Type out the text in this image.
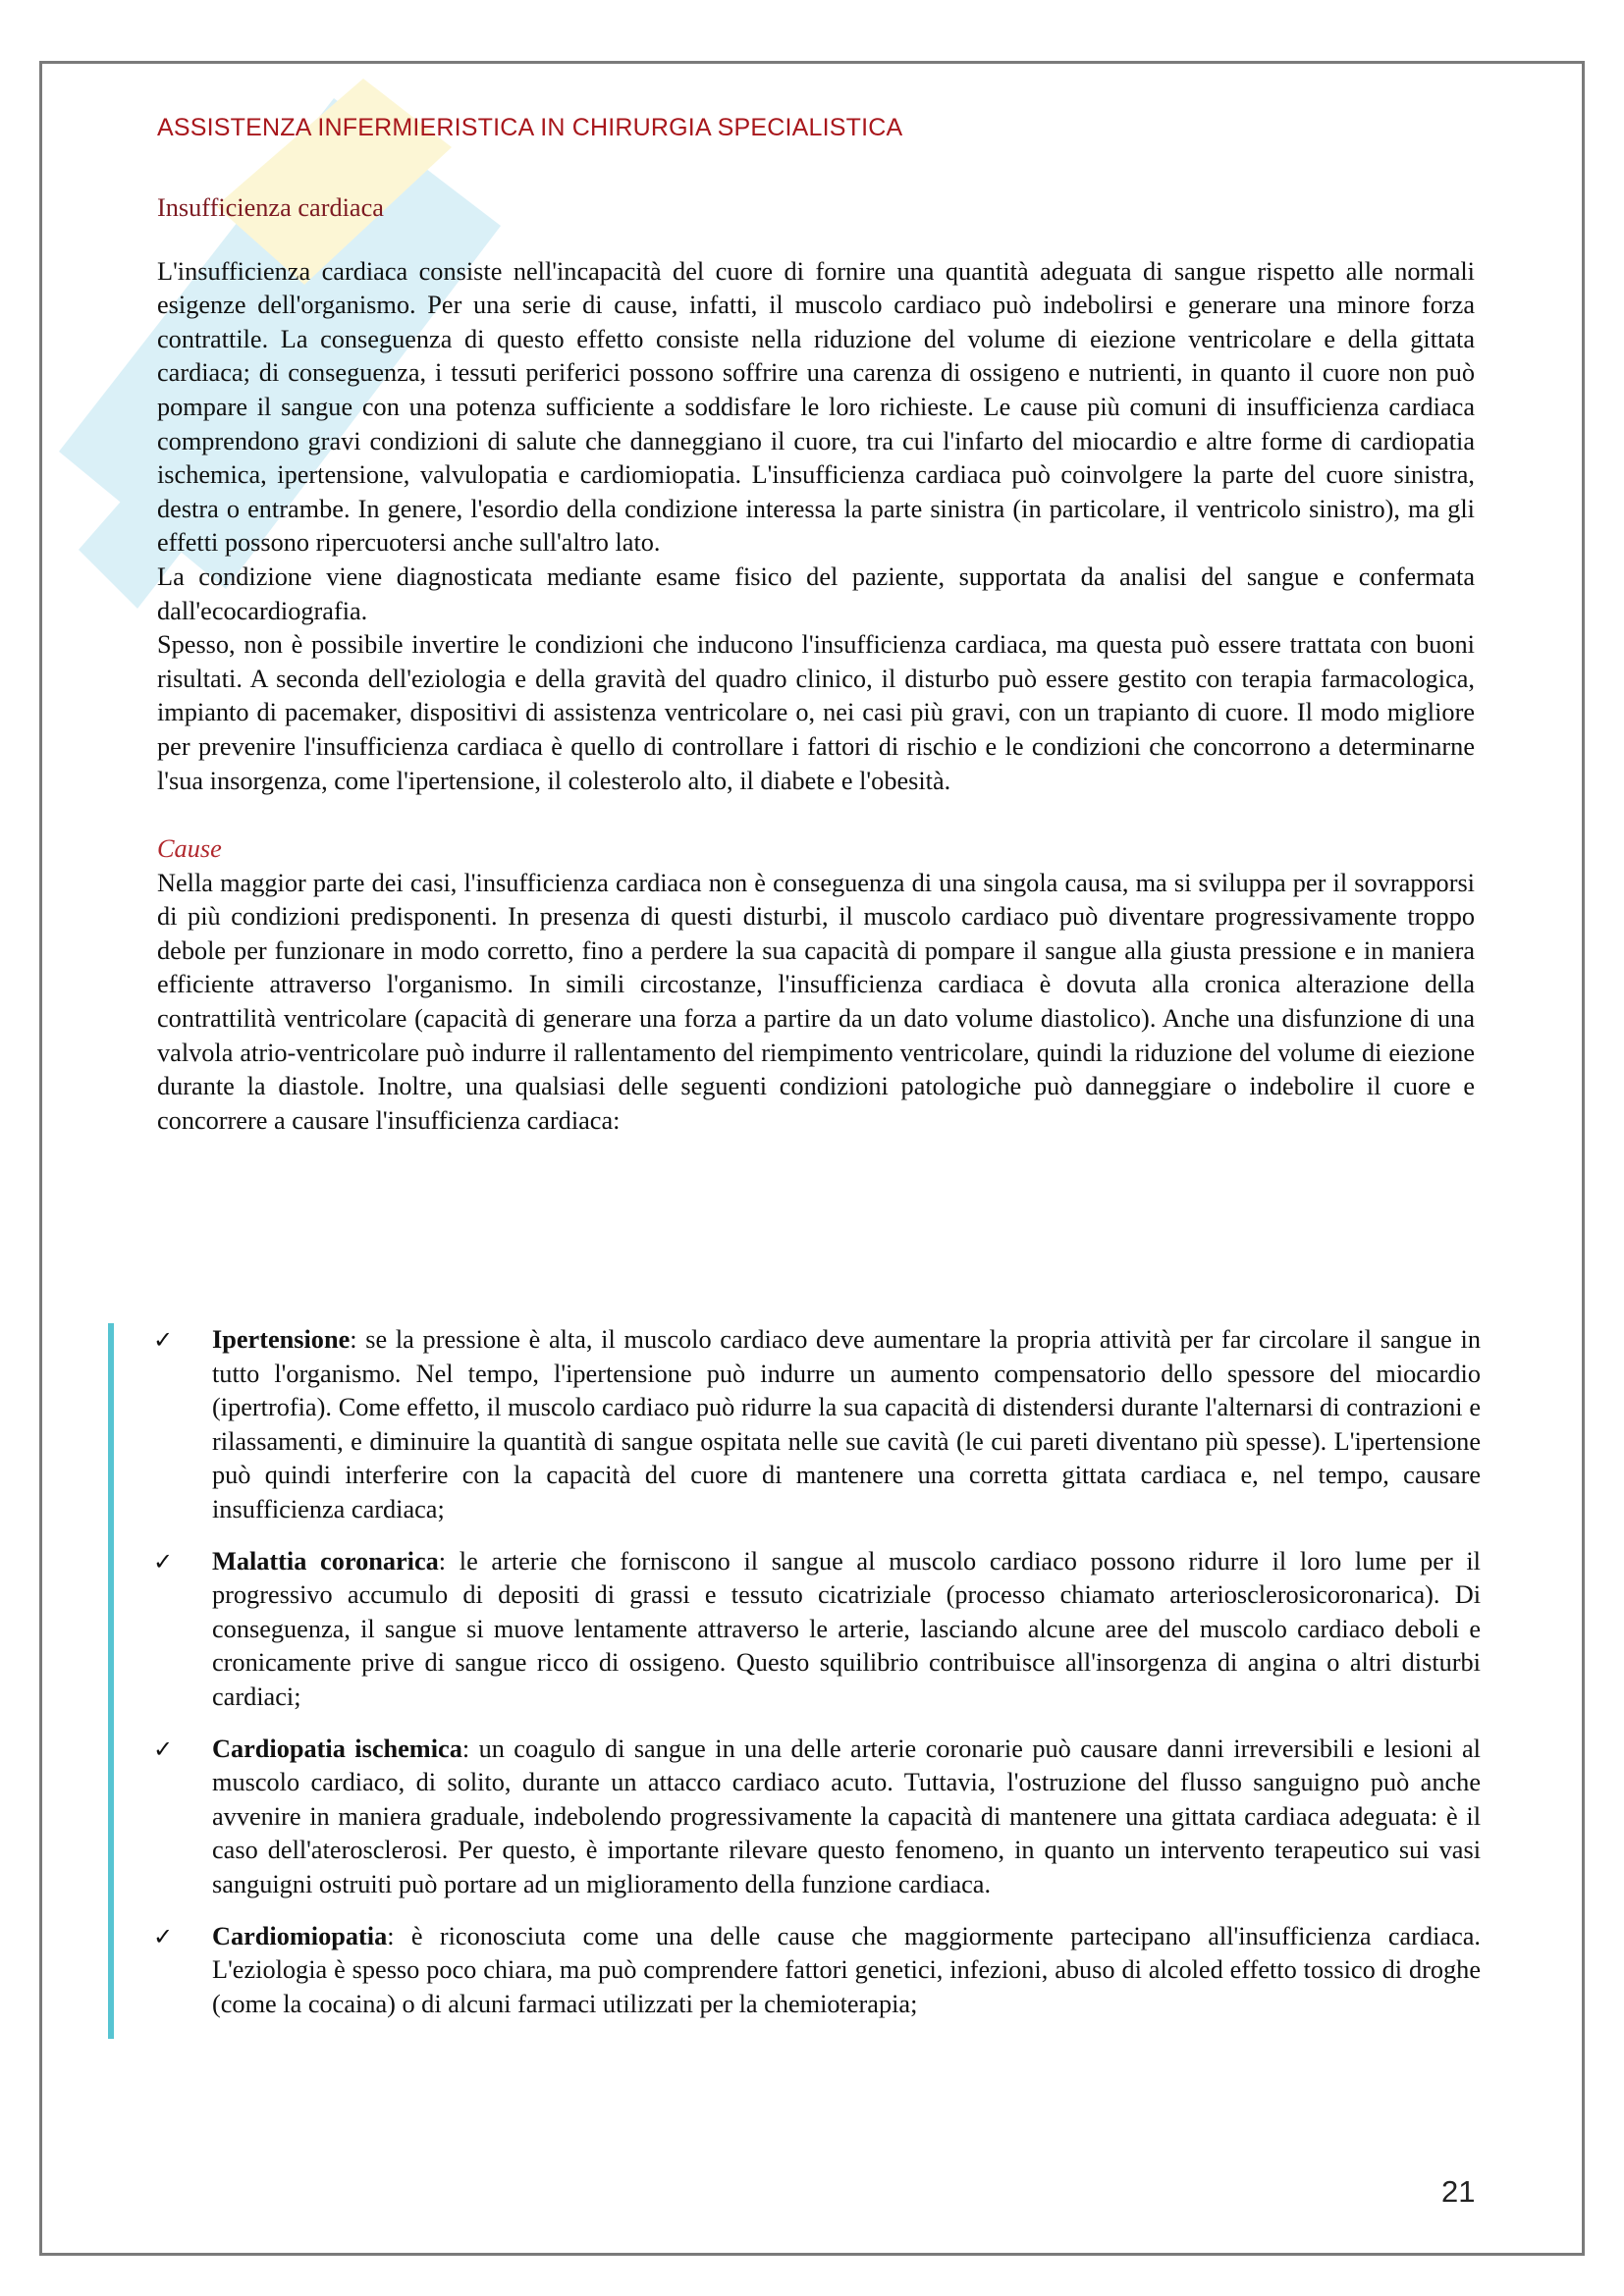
ASSISTENZA INFERMIERISTICA IN CHIRURGIA SPECIALISTICA
Insufficienza cardiaca

L'insufficienza cardiaca consiste nell'incapacità del cuore di fornire una quantità adeguata di sangue rispetto alle normali esigenze dell'organismo. Per una serie di cause, infatti, il muscolo cardiaco può indebolirsi e generare una minore forza contrattile. La conseguenza di questo effetto consiste nella riduzione del volume di eiezione ventricolare e della gittata cardiaca; di conseguenza, i tessuti periferici possono soffrire una carenza di ossigeno e nutrienti, in quanto il cuore non può pompare il sangue con una potenza sufficiente a soddisfare le loro richieste. Le cause più comuni di insufficienza cardiaca comprendono gravi condizioni di salute che danneggiano il cuore, tra cui l'infarto del miocardio e altre forme di cardiopatia ischemica, ipertensione, valvulopatia e cardiomiopatia. L'insufficienza cardiaca può coinvolgere la parte del cuore sinistra, destra o entrambe. In genere, l'esordio della condizione interessa la parte sinistra (in particolare, il ventricolo sinistro), ma gli effetti possono ripercuotersi anche sull'altro lato.

La condizione viene diagnosticata mediante esame fisico del paziente, supportata da analisi del sangue e confermata dall'ecocardiografia.

Spesso, non è possibile invertire le condizioni che inducono l'insufficienza cardiaca, ma questa può essere trattata con buoni risultati. A seconda dell'eziologia e della gravità del quadro clinico, il disturbo può essere gestito con terapia farmacologica, impianto di pacemaker, dispositivi di assistenza ventricolare o, nei casi più gravi, con un trapianto di cuore. Il modo migliore per prevenire l'insufficienza cardiaca è quello di controllare i fattori di rischio e le condizioni che concorrono a determinarne l'sua insorgenza, come l'ipertensione, il colesterolo alto, il diabete e l'obesità.

Cause

Nella maggior parte dei casi, l'insufficienza cardiaca non è conseguenza di una singola causa, ma si sviluppa per il sovrapporsi di più condizioni predisponenti. In presenza di questi disturbi, il muscolo cardiaco può diventare progressivamente troppo debole per funzionare in modo corretto, fino a perdere la sua capacità di pompare il sangue alla giusta pressione e in maniera efficiente attraverso l'organismo. In simili circostanze, l'insufficienza cardiaca è dovuta alla cronica alterazione della contrattilità ventricolare (capacità di generare una forza a partire da un dato volume diastolico). Anche una disfunzione di una valvola atrio-ventricolare può indurre il rallentamento del riempimento ventricolare, quindi la riduzione del volume di eiezione durante la diastole. Inoltre, una qualsiasi delle seguenti condizioni patologiche può danneggiare o indebolire il cuore e concorrere a causare l'insufficienza cardiaca:

✓	Ipertensione: se la pressione è alta, il muscolo cardiaco deve aumentare la propria attività per far circolare il sangue in tutto l'organismo. Nel tempo, l'ipertensione può indurre un aumento compensatorio dello spessore del miocardio (ipertrofia). Come effetto, il muscolo cardiaco può ridurre la sua capacità di distendersi durante l'alternarsi di contrazioni e rilassamenti, e diminuire la quantità di sangue ospitata nelle sue cavità (le cui pareti diventano più spesse). L'ipertensione può quindi interferire con la capacità del cuore di mantenere una corretta gittata cardiaca e, nel tempo, causare insufficienza cardiaca;
✓	Malattia coronarica: le arterie che forniscono il sangue al muscolo cardiaco possono ridurre il loro lume per il progressivo accumulo di depositi di grassi e tessuto cicatriziale (processo chiamato arteriosclerosicoronarica). Di conseguenza, il sangue si muove lentamente attraverso le arterie, lasciando alcune aree del muscolo cardiaco deboli e cronicamente prive di sangue ricco di ossigeno. Questo squilibrio contribuisce all'insorgenza di angina o altri disturbi cardiaci;
✓	Cardiopatia ischemica: un coagulo di sangue in una delle arterie coronarie può causare danni irreversibili e lesioni al muscolo cardiaco, di solito, durante un attacco cardiaco acuto. Tuttavia, l'ostruzione del flusso sanguigno può anche avvenire in maniera graduale, indebolendo progressivamente la capacità di mantenere una gittata cardiaca adeguata: è il caso dell'aterosclerosi. Per questo, è importante rilevare questo fenomeno, in quanto un intervento terapeutico sui vasi sanguigni ostruiti può portare ad un miglioramento della funzione cardiaca.
✓	Cardiomiopatia: è riconosciuta come una delle cause che maggiormente partecipano all'insufficienza cardiaca. L'eziologia è spesso poco chiara, ma può comprendere fattori genetici, infezioni, abuso di alcoled effetto tossico di droghe (come la cocaina) o di alcuni farmaci utilizzati per la chemioterapia;
21
